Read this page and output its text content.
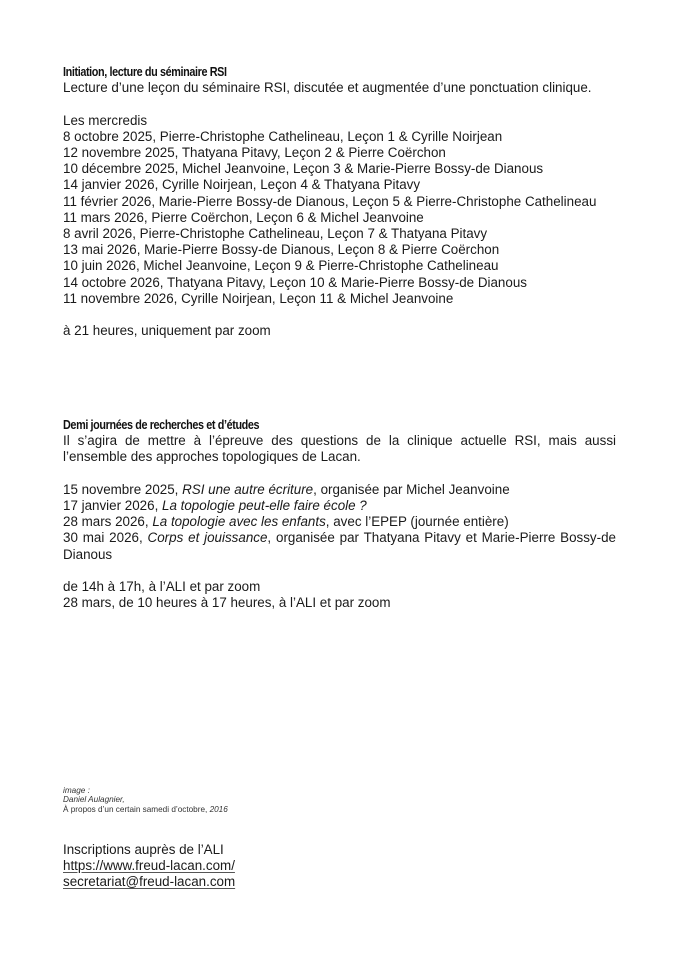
Initiation, lecture du séminaire RSI
Lecture d’une leçon du séminaire RSI, discutée et augmentée d’une ponctuation clinique.
Les mercredis
8 octobre 2025, Pierre-Christophe Cathelineau, Leçon 1 & Cyrille Noirjean
12 novembre 2025, Thatyana Pitavy, Leçon 2 & Pierre Coërchon
10 décembre 2025, Michel Jeanvoine, Leçon 3 & Marie-Pierre Bossy-de Dianous
14 janvier 2026, Cyrille Noirjean, Leçon 4 & Thatyana Pitavy
11 février 2026, Marie-Pierre Bossy-de Dianous, Leçon 5 & Pierre-Christophe Cathelineau
11 mars 2026, Pierre Coërchon, Leçon 6 & Michel Jeanvoine
8 avril 2026, Pierre-Christophe Cathelineau, Leçon 7 & Thatyana Pitavy
13 mai 2026, Marie-Pierre Bossy-de Dianous, Leçon 8 & Pierre Coërchon
10 juin 2026, Michel Jeanvoine, Leçon 9 & Pierre-Christophe Cathelineau
14 octobre 2026, Thatyana Pitavy, Leçon 10 & Marie-Pierre Bossy-de Dianous
11 novembre 2026, Cyrille Noirjean, Leçon 11 & Michel Jeanvoine
à 21 heures, uniquement par zoom
Demi journées de recherches et d’études
Il s’agira de mettre à l’épreuve des questions de la clinique actuelle RSI, mais aussi l’ensemble des approches topologiques de Lacan.
15 novembre 2025, RSI une autre écriture, organisée par Michel Jeanvoine
17 janvier 2026, La topologie peut-elle faire école ?
28 mars 2026, La topologie avec les enfants, avec l’EPEP (journée entière)
30 mai 2026, Corps et jouissance, organisée par Thatyana Pitavy et Marie-Pierre Bossy-de Dianous
de 14h à 17h, à l’ALI et par zoom
28 mars, de 10 heures à 17 heures, à l’ALI et par zoom
image :
Daniel Aulagnier,
À propos d’un certain samedi d’octobre, 2016
Inscriptions auprès de l’ALI
https://www.freud-lacan.com/
secretariat@freud-lacan.com
